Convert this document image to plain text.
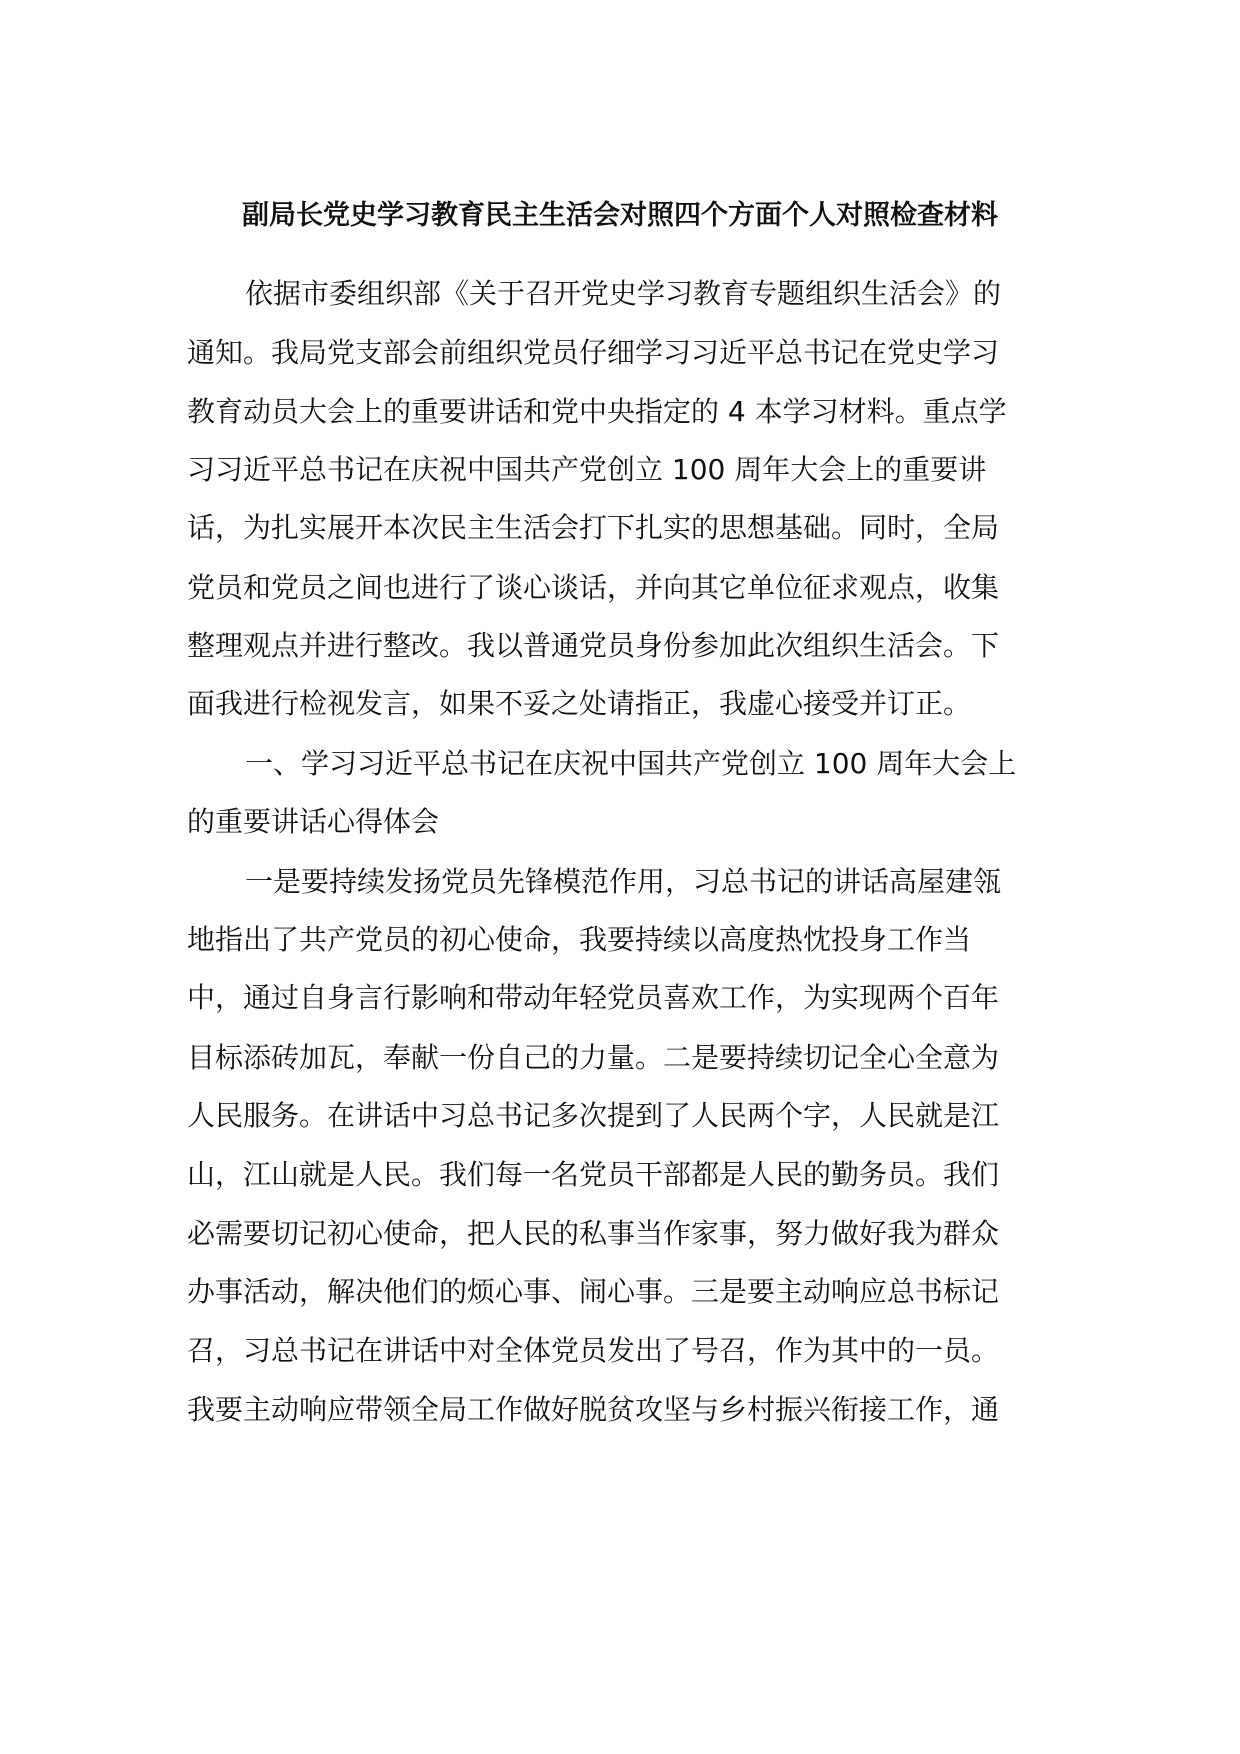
副局长党史学习教育民主生活会对照四个方面个人对照检查材料
依据市委组织部《关于召开党史学习教育专题组织生活会》的
通知。我局党支部会前组织党员仔细学习习近平总书记在党史学习
教育动员大会上的重要讲话和党中央指定的 4 本学习材料。重点学
习习近平总书记在庆祝中国共产党创立 100 周年大会上的重要讲
话，为扎实展开本次民主生活会打下扎实的思想基础。同时，全局
党员和党员之间也进行了谈心谈话，并向其它单位征求观点，收集
整理观点并进行整改。我以普通党员身份参加此次组织生活会。下
面我进行检视发言，如果不妥之处请指正，我虚心接受并订正。
一、学习习近平总书记在庆祝中国共产党创立 100 周年大会上
的重要讲话心得体会
一是要持续发扬党员先锋模范作用，习总书记的讲话高屋建瓴
地指出了共产党员的初心使命，我要持续以高度热忱投身工作当
中，通过自身言行影响和带动年轻党员喜欢工作，为实现两个百年
目标添砖加瓦，奉献一份自己的力量。二是要持续切记全心全意为
人民服务。在讲话中习总书记多次提到了人民两个字，人民就是江
山，江山就是人民。我们每一名党员干部都是人民的勤务员。我们
必需要切记初心使命，把人民的私事当作家事，努力做好我为群众
办事活动，解决他们的烦心事、闹心事。三是要主动响应总书标记
召，习总书记在讲话中对全体党员发出了号召，作为其中的一员。
我要主动响应带领全局工作做好脱贫攻坚与乡村振兴衔接工作，通
